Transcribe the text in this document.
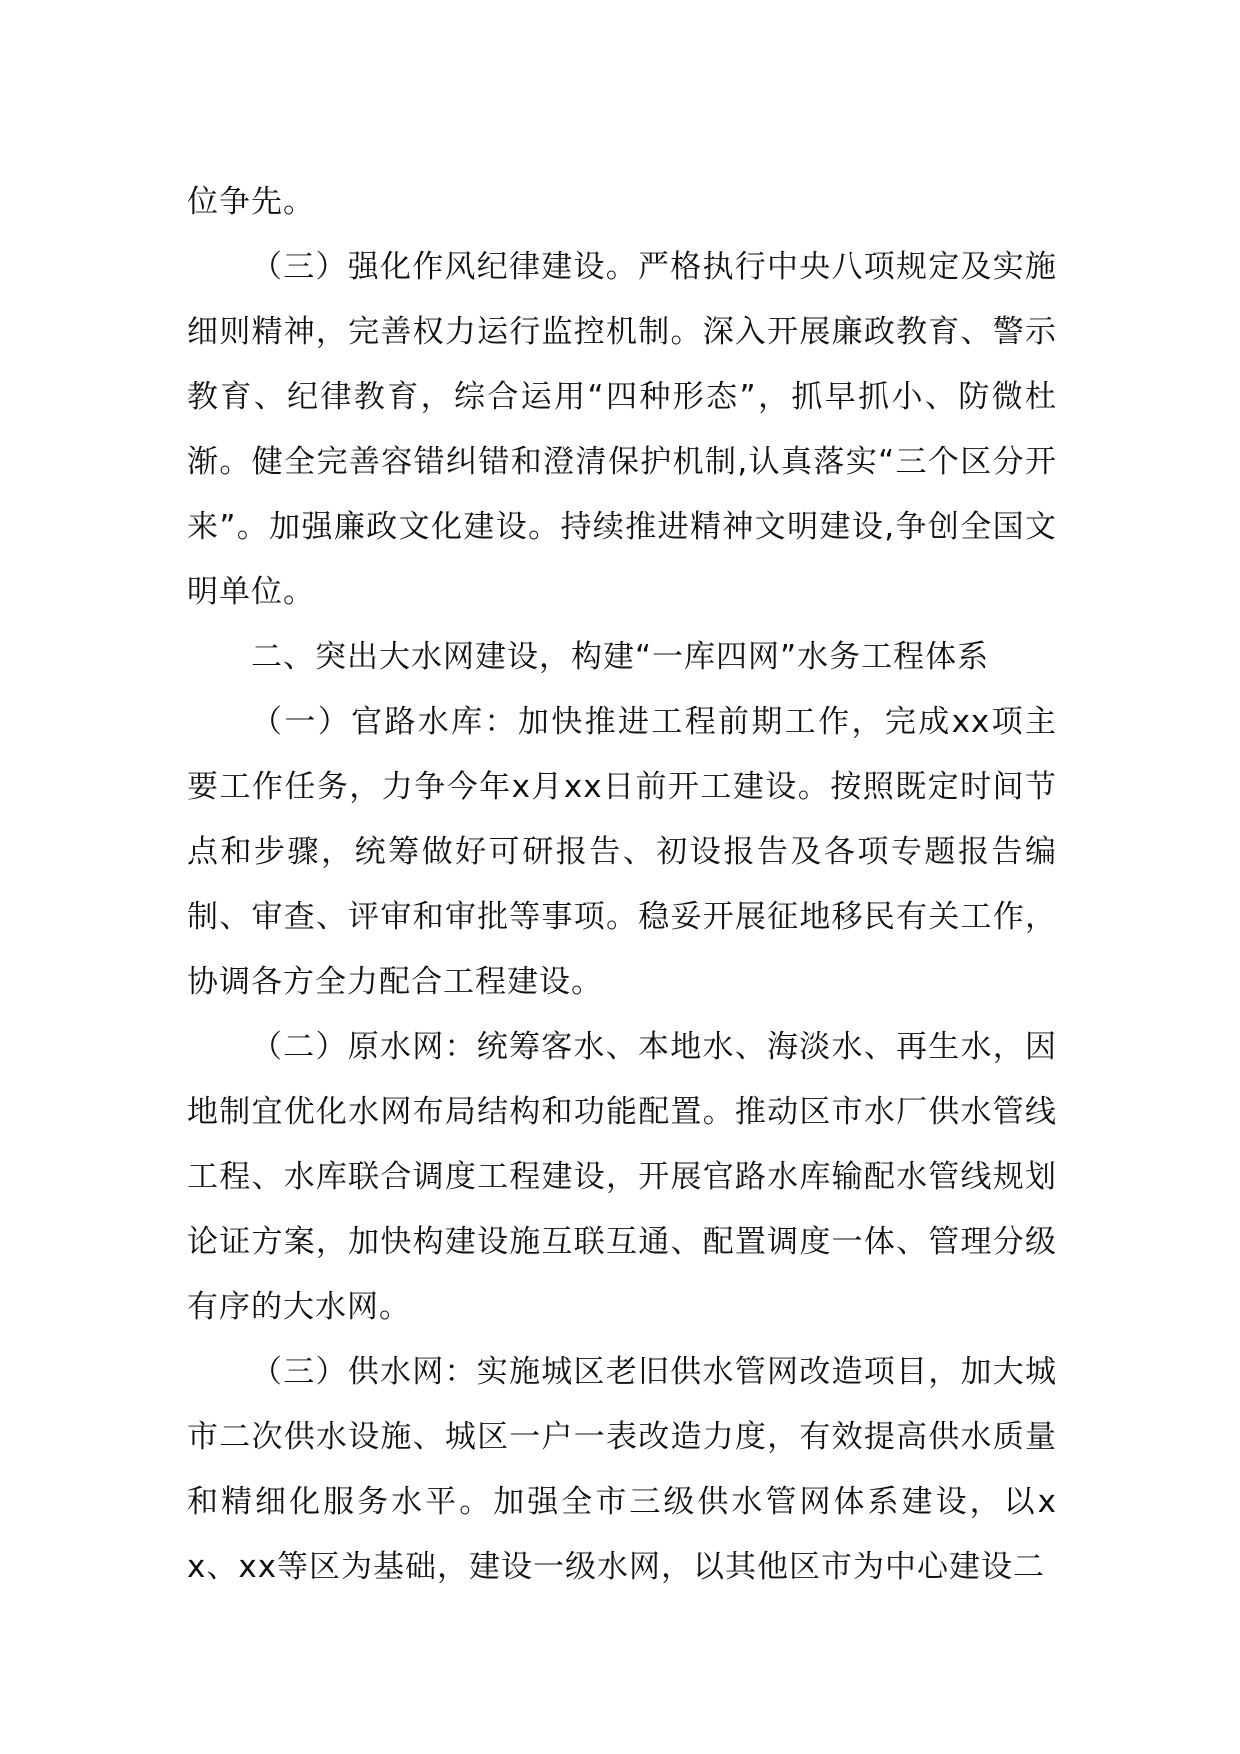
位争先。

（三）强化作风纪律建设。严格执行中央八项规定及实施细则精神，完善权力运行监控机制。深入开展廉政教育、警示教育、纪律教育，综合运用“四种形态”，抓早抓小、防微杜渐。健全完善容错纠错和澄清保护机制,认真落实“三个区分开来”。加强廉政文化建设。持续推进精神文明建设,争创全国文明单位。

二、突出大水网建设，构建“一库四网”水务工程体系

（一）官路水库：加快推进工程前期工作，完成xx项主要工作任务，力争今年x月xx日前开工建设。按照既定时间节点和步骤，统筹做好可研报告、初设报告及各项专题报告编制、审查、评审和审批等事项。稳妥开展征地移民有关工作，协调各方全力配合工程建设。

（二）原水网：统筹客水、本地水、海淡水、再生水，因地制宜优化水网布局结构和功能配置。推动区市水厂供水管线工程、水库联合调度工程建设，开展官路水库输配水管线规划论证方案，加快构建设施互联互通、配置调度一体、管理分级有序的大水网。

（三）供水网：实施城区老旧供水管网改造项目，加大城市二次供水设施、城区一户一表改造力度，有效提高供水质量和精细化服务水平。加强全市三级供水管网体系建设，以xx、xx等区为基础，建设一级水网，以其他区市为中心建设二
